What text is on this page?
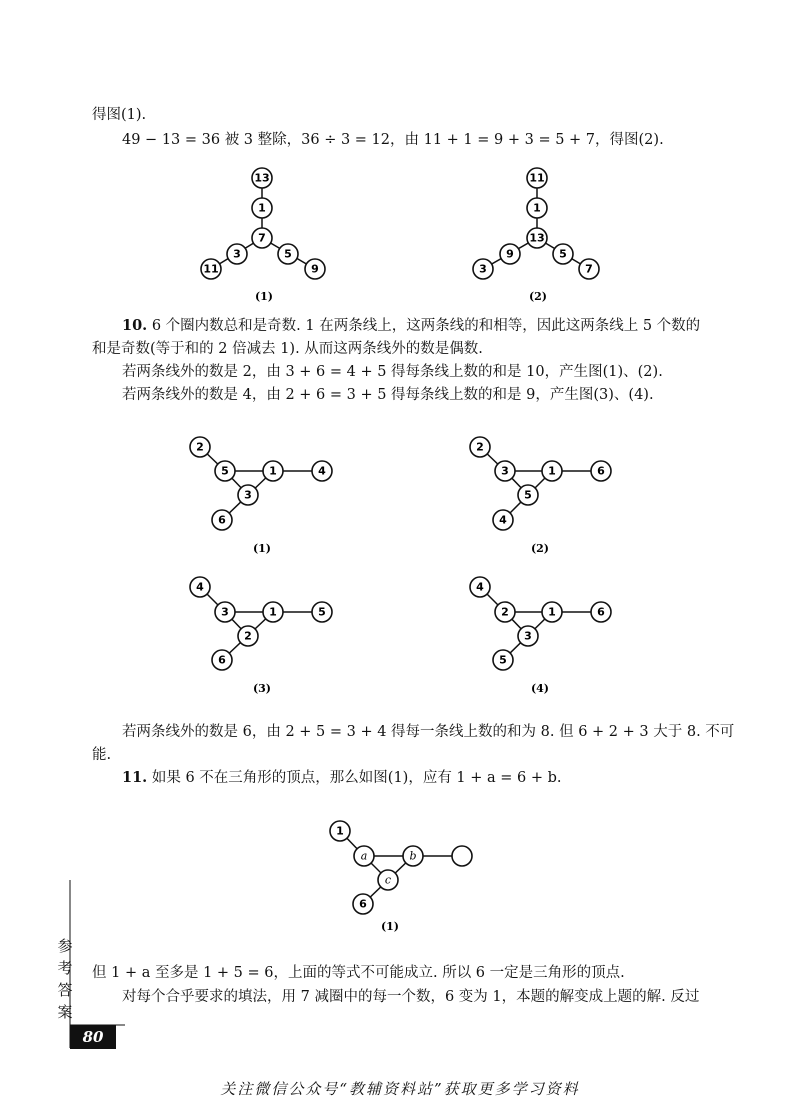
得图(1).
49 − 13 = 36 被 3 整除，36 ÷ 3 = 12，由 11 + 1 = 9 + 3 = 5 + 7，得图(2).
10. 6 个圈内数总和是奇数. 1 在两条线上，这两条线的和相等，因此这两条线上 5 个数的
和是奇数(等于和的 2 倍减去 1). 从而这两条线外的数是偶数.
若两条线外的数是 2，由 3 + 6 = 4 + 5 得每条线上数的和是 10，产生图(1)、(2).
若两条线外的数是 4，由 2 + 6 = 3 + 5 得每条线上数的和是 9，产生图(3)、(4).
若两条线外的数是 6，由 2 + 5 = 3 + 4 得每一条线上数的和为 8. 但 6 + 2 + 3 大于 8. 不可
能.
11. 如果 6 不在三角形的顶点，那么如图(1)，应有 1 + a = 6 + b.
但 1 + a 至多是 1 + 5 = 6，上面的等式不可能成立. 所以 6 一定是三角形的顶点.
对每个合乎要求的填法，用 7 减圈中的每一个数，6 变为 1，本题的解变成上题的解. 反过
13
1
7
3
11
5
9
(1)
11
1
13
9
3
5
7
(2)
2
5	1	4
3
6
(1)
2
3	1	6
5
4
(2)
4
3	1	5
2
6
(3)
4
2	1	6
3
5
(4)
1
a	b
c
6
(1)
参
考
答
案
80
关注微信公众号“教辅资料站”获取更多学习资料
